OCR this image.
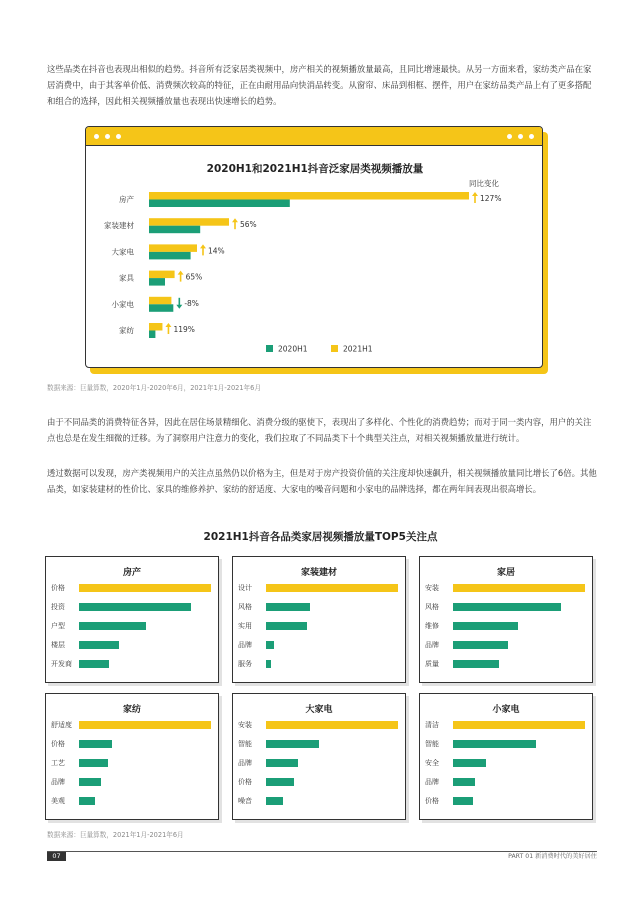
这些品类在抖音也表现出相似的趋势。抖音所有泛家居类视频中，房产相关的视频播放量最高，且同比增速最快。从另一方面来看，家纺类产品在家居消费中，由于其客单价低、消费频次较高的特征，正在由耐用品向快消品转变。从窗帘、床品到相框、摆件，用户在家纺品类产品上有了更多搭配和组合的选择，因此相关视频播放量也表现出快速增长的趋势。
2020H1和2021H1抖音泛家居类视频播放量
同比变化
房产	127%
家装建材	56%
大家电	14%
家具	65%
小家电	-8%
家纺	119%
2020H1	2021H1
数据来源：巨量算数，2020年1月-2020年6月，2021年1月-2021年6月
由于不同品类的消费特征各异，因此在居住场景精细化、消费分级的驱使下，表现出了多样化、个性化的消费趋势；而对于同一类内容，用户的关注点也总是在发生细微的迁移。为了洞察用户注意力的变化，我们拉取了不同品类下十个典型关注点，对相关视频播放量进行统计。
透过数据可以发现，房产类视频用户的关注点虽然仍以价格为主，但是对于房产投资价值的关注度却快速飙升，相关视频播放量同比增长了6倍。其他品类，如家装建材的性价比、家具的维修养护、家纺的舒适度、大家电的噪音问题和小家电的品牌选择，都在两年间表现出很高增长。
2021H1抖音各品类家居视频播放量TOP5关注点
房产
价格
投资
户型
楼层
开发商
家装建材
设计
风格
实用
品牌
服务
家居
安装
风格
维修
品牌
质量
家纺
舒适度
价格
工艺
品牌
美观
大家电
安装
智能
品牌
价格
噪音
小家电
清洁
智能
安全
品牌
价格
数据来源：巨量算数，2021年1月-2021年6月
07	PART 01 新消费时代的美好居住
